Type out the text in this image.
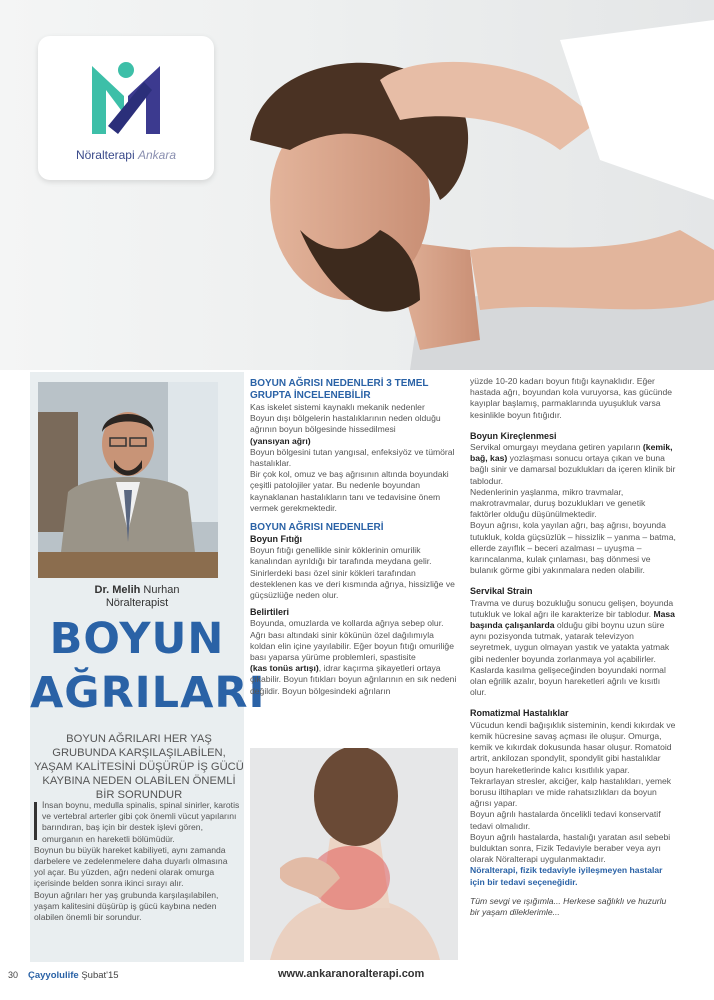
Nöralterapi Ankara
Dr. Melih Nurhan
Nöralterapist
BOYUN
AĞRILARI
BOYUN AĞRILARI HER YAŞ GRUBUNDA KARŞILAŞILABİLEN, YAŞAM KALİTESİNİ DÜŞÜRÜP İŞ GÜCÜ KAYBINA NEDEN OLABİLEN ÖNEMLİ BİR SORUNDUR

İnsan boynu, medulla spinalis, spinal sinirler, karotis ve vertebral arterler gibi çok önemli vücut yapılarını barındıran, baş için bir destek işlevi gören, omurganın en hareketli bölümüdür.

Boynun bu büyük hareket kabiliyeti, aynı zamanda darbelere ve zedelenmelere daha duyarlı olmasına yol açar. Bu yüzden, ağrı nedeni olarak omurga içerisinde belden sonra ikinci sırayı alır.

Boyun ağrıları her yaş grubunda karşılaşılabilen, yaşam kalitesini düşürüp iş gücü kaybına neden olabilen önemli bir sorundur.

BOYUN AĞRISI NEDENLERİ 3 TEMEL GRUPTA İNCELENEBİLİR

Kas iskelet sistemi kaynaklı mekanik nedenler

Boyun dışı bölgelerin hastalıklarının neden olduğu ağrının boyun bölgesinde hissedilmesi

(yansıyan ağrı)

Boyun bölgesini tutan yangısal, enfeksiyöz ve tümöral hastalıklar.

Bir çok kol, omuz ve baş ağrısının altında boyundaki çeşitli patolojiler yatar. Bu nedenle boyundan kaynaklanan hastalıkların tanı ve tedavisine önem vermek gerekmektedir.

BOYUN AĞRISI NEDENLERİ
Boyun Fıtığı

Boyun fıtığı genellikle sinir köklerinin omurilik kanalından ayrıldığı bir tarafında meydana gelir. Sinirlerdeki bası özel sinir kökleri tarafından desteklenen kas ve deri kısmında ağrıya, hissizliğe ve güçsüzlüğe neden olur.

Belirtileri

Boyunda, omuzlarda ve kollarda ağrıya sebep olur.

Ağrı bası altındaki sinir kökünün özel dağılımıyla koldan elin içine yayılabilir. Eğer boyun fıtığı omuriliğe bası yaparsa yürüme problemleri, spastisite

(kas tonüs artışı), idrar kaçırma şikayetleri ortaya çıkabilir. Boyun fıtıkları boyun ağrılarının en sık nedeni değildir. Boyun bölgesindeki ağrıların

yüzde 10-20 kadarı boyun fıtığı kaynaklıdır. Eğer hastada ağrı, boyundan kola vuruyorsa, kas gücünde kayıplar başlamış, parmaklarında uyuşukluk varsa kesinlikle boyun fıtığıdır.

Boyun Kireçlenmesi

Servikal omurgayı meydana getiren yapıların (kemik, bağ, kas) yozlaşması sonucu ortaya çıkan ve buna bağlı sinir ve damarsal bozuklukları da içeren klinik bir tablodur.

Nedenlerinin yaşlanma, mikro travmalar, makrotravmalar, duruş bozuklukları ve genetik faktörler olduğu düşünülmektedir.

Boyun ağrısı, kola yayılan ağrı, baş ağrısı, boyunda tutukluk, kolda güçsüzlük – hissizlik – yanma – batma, ellerde zayıflık – beceri azalması – uyuşma – karıncalanma, kulak çınlaması, baş dönmesi ve bulanık görme gibi yakınmalara neden olabilir.

Servikal Strain

Travma ve duruş bozukluğu sonucu gelişen, boyunda tutukluk ve lokal ağrı ile karakterize bir tablodur. Masa başında çalışanlarda olduğu gibi boynu uzun süre aynı pozisyonda tutmak, yatarak televizyon seyretmek, uygun olmayan yastık ve yatakta yatmak gibi nedenler boyunda zorlanmaya yol açabilirler.

Kaslarda kasılma gelişeceğinden boyundaki normal olan eğrilik azalır, boyun hareketleri ağrılı ve kısıtlı olur.

Romatizmal Hastalıklar

Vücudun kendi bağışıklık sisteminin, kendi kıkırdak ve kemik hücresine savaş açması ile oluşur. Omurga, kemik ve kıkırdak dokusunda hasar oluşur. Romatoid artrit, ankilozan spondylit, spondylit gibi hastalıklar boyun hareketlerinde kalıcı kısıtlılık yapar.

Tekrarlayan stresler, akciğer, kalp hastalıkları, yemek borusu iltihapları ve mide rahatsızlıkları da boyun ağrısı yapar.

Boyun ağrılı hastalarda öncelikli tedavi konservatif tedavi olmalıdır.

Boyun ağrılı hastalarda, hastalığı yaratan asıl sebebi bulduktan sonra, Fizik Tedaviyle beraber veya ayrı olarak Nöralterapi uygulanmaktadır.

Nöralterapi, fizik tedaviyle iyileşmeyen hastalar için bir tedavi seçeneğidir.

Tüm sevgi ve ışığımla... Herkese sağlıklı ve huzurlu bir yaşam dileklerimle...

30 Çayyolulife Şubat'15	www.ankaranoralterapi.com
